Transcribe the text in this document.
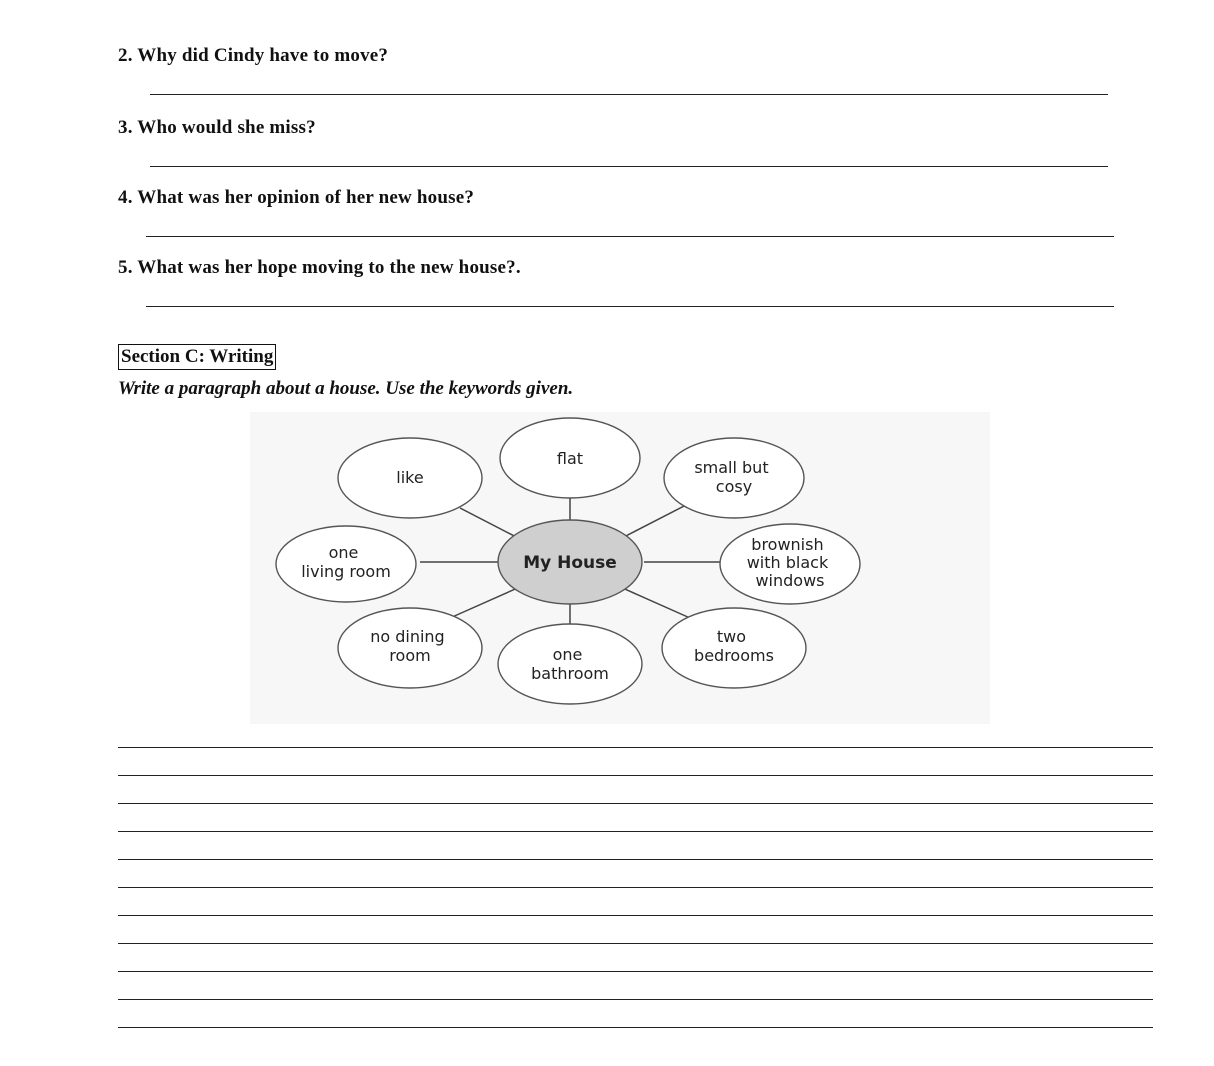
2. Why did Cindy have to move?
3. Who would she miss?
4. What was her opinion of her new house?
5. What was her hope moving to the new house?.
Section C: Writing
Write a paragraph about a house. Use the keywords given.
My House
like
flat	small but cosy
one living room
brownish with black windows
no dining room	one bathroom
two bedrooms
